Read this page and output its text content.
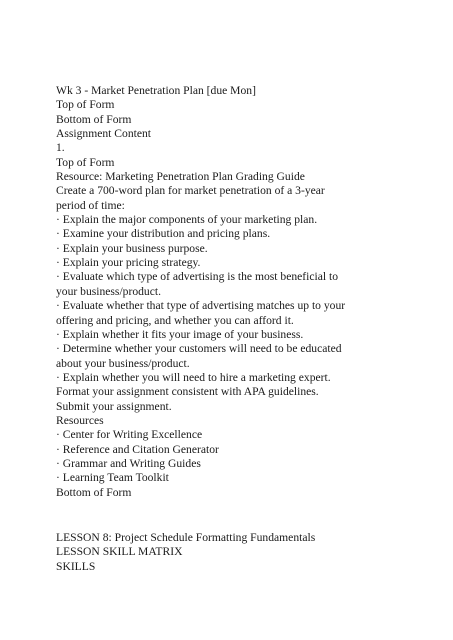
Wk 3 - Market Penetration Plan [due Mon]
Top of Form
Bottom of Form
Assignment Content
1.
Top of Form
Resource: Marketing Penetration Plan Grading Guide
Create a 700-word plan for market penetration of a 3-year
period of time:
· Explain the major components of your marketing plan.
· Examine your distribution and pricing plans.
· Explain your business purpose.
· Explain your pricing strategy.
· Evaluate which type of advertising is the most beneficial to
your business/product.
· Evaluate whether that type of advertising matches up to your
offering and pricing, and whether you can afford it.
· Explain whether it fits your image of your business.
· Determine whether your customers will need to be educated
about your business/product.
· Explain whether you will need to hire a marketing expert.
Format your assignment consistent with APA guidelines.
Submit your assignment.
Resources
· Center for Writing Excellence
· Reference and Citation Generator
· Grammar and Writing Guides
· Learning Team Toolkit
Bottom of Form
LESSON 8: Project Schedule Formatting Fundamentals
LESSON SKILL MATRIX
SKILLS
